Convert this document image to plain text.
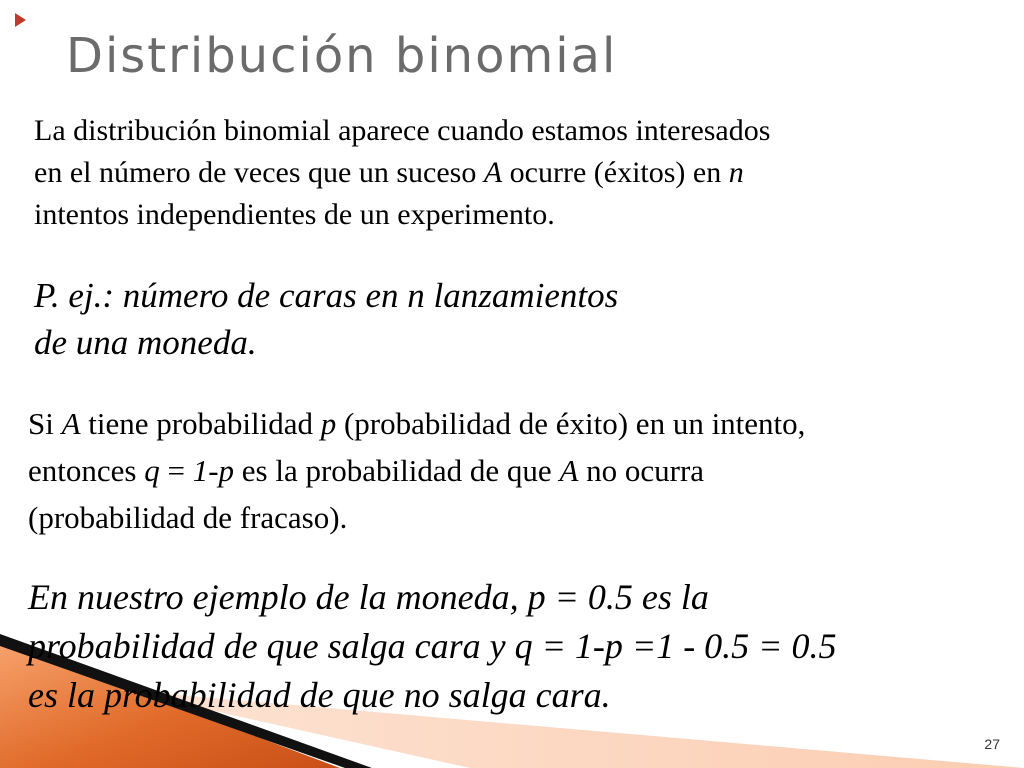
Distribución binomial

La distribución binomial aparece cuando estamos interesados
en el número de veces que un suceso A ocurre (éxitos) en n
intentos independientes de un experimento.

P. ej.: número de caras en n lanzamientos
de una moneda.

Si A tiene probabilidad p (probabilidad de éxito) en un intento,
entonces q = 1-p es la probabilidad de que A no ocurra
(probabilidad de fracaso).

En nuestro ejemplo de la moneda, p = 0.5 es la
probabilidad de que salga cara y q = 1-p =1 - 0.5 = 0.5
es la probabilidad de que no salga cara.

27
